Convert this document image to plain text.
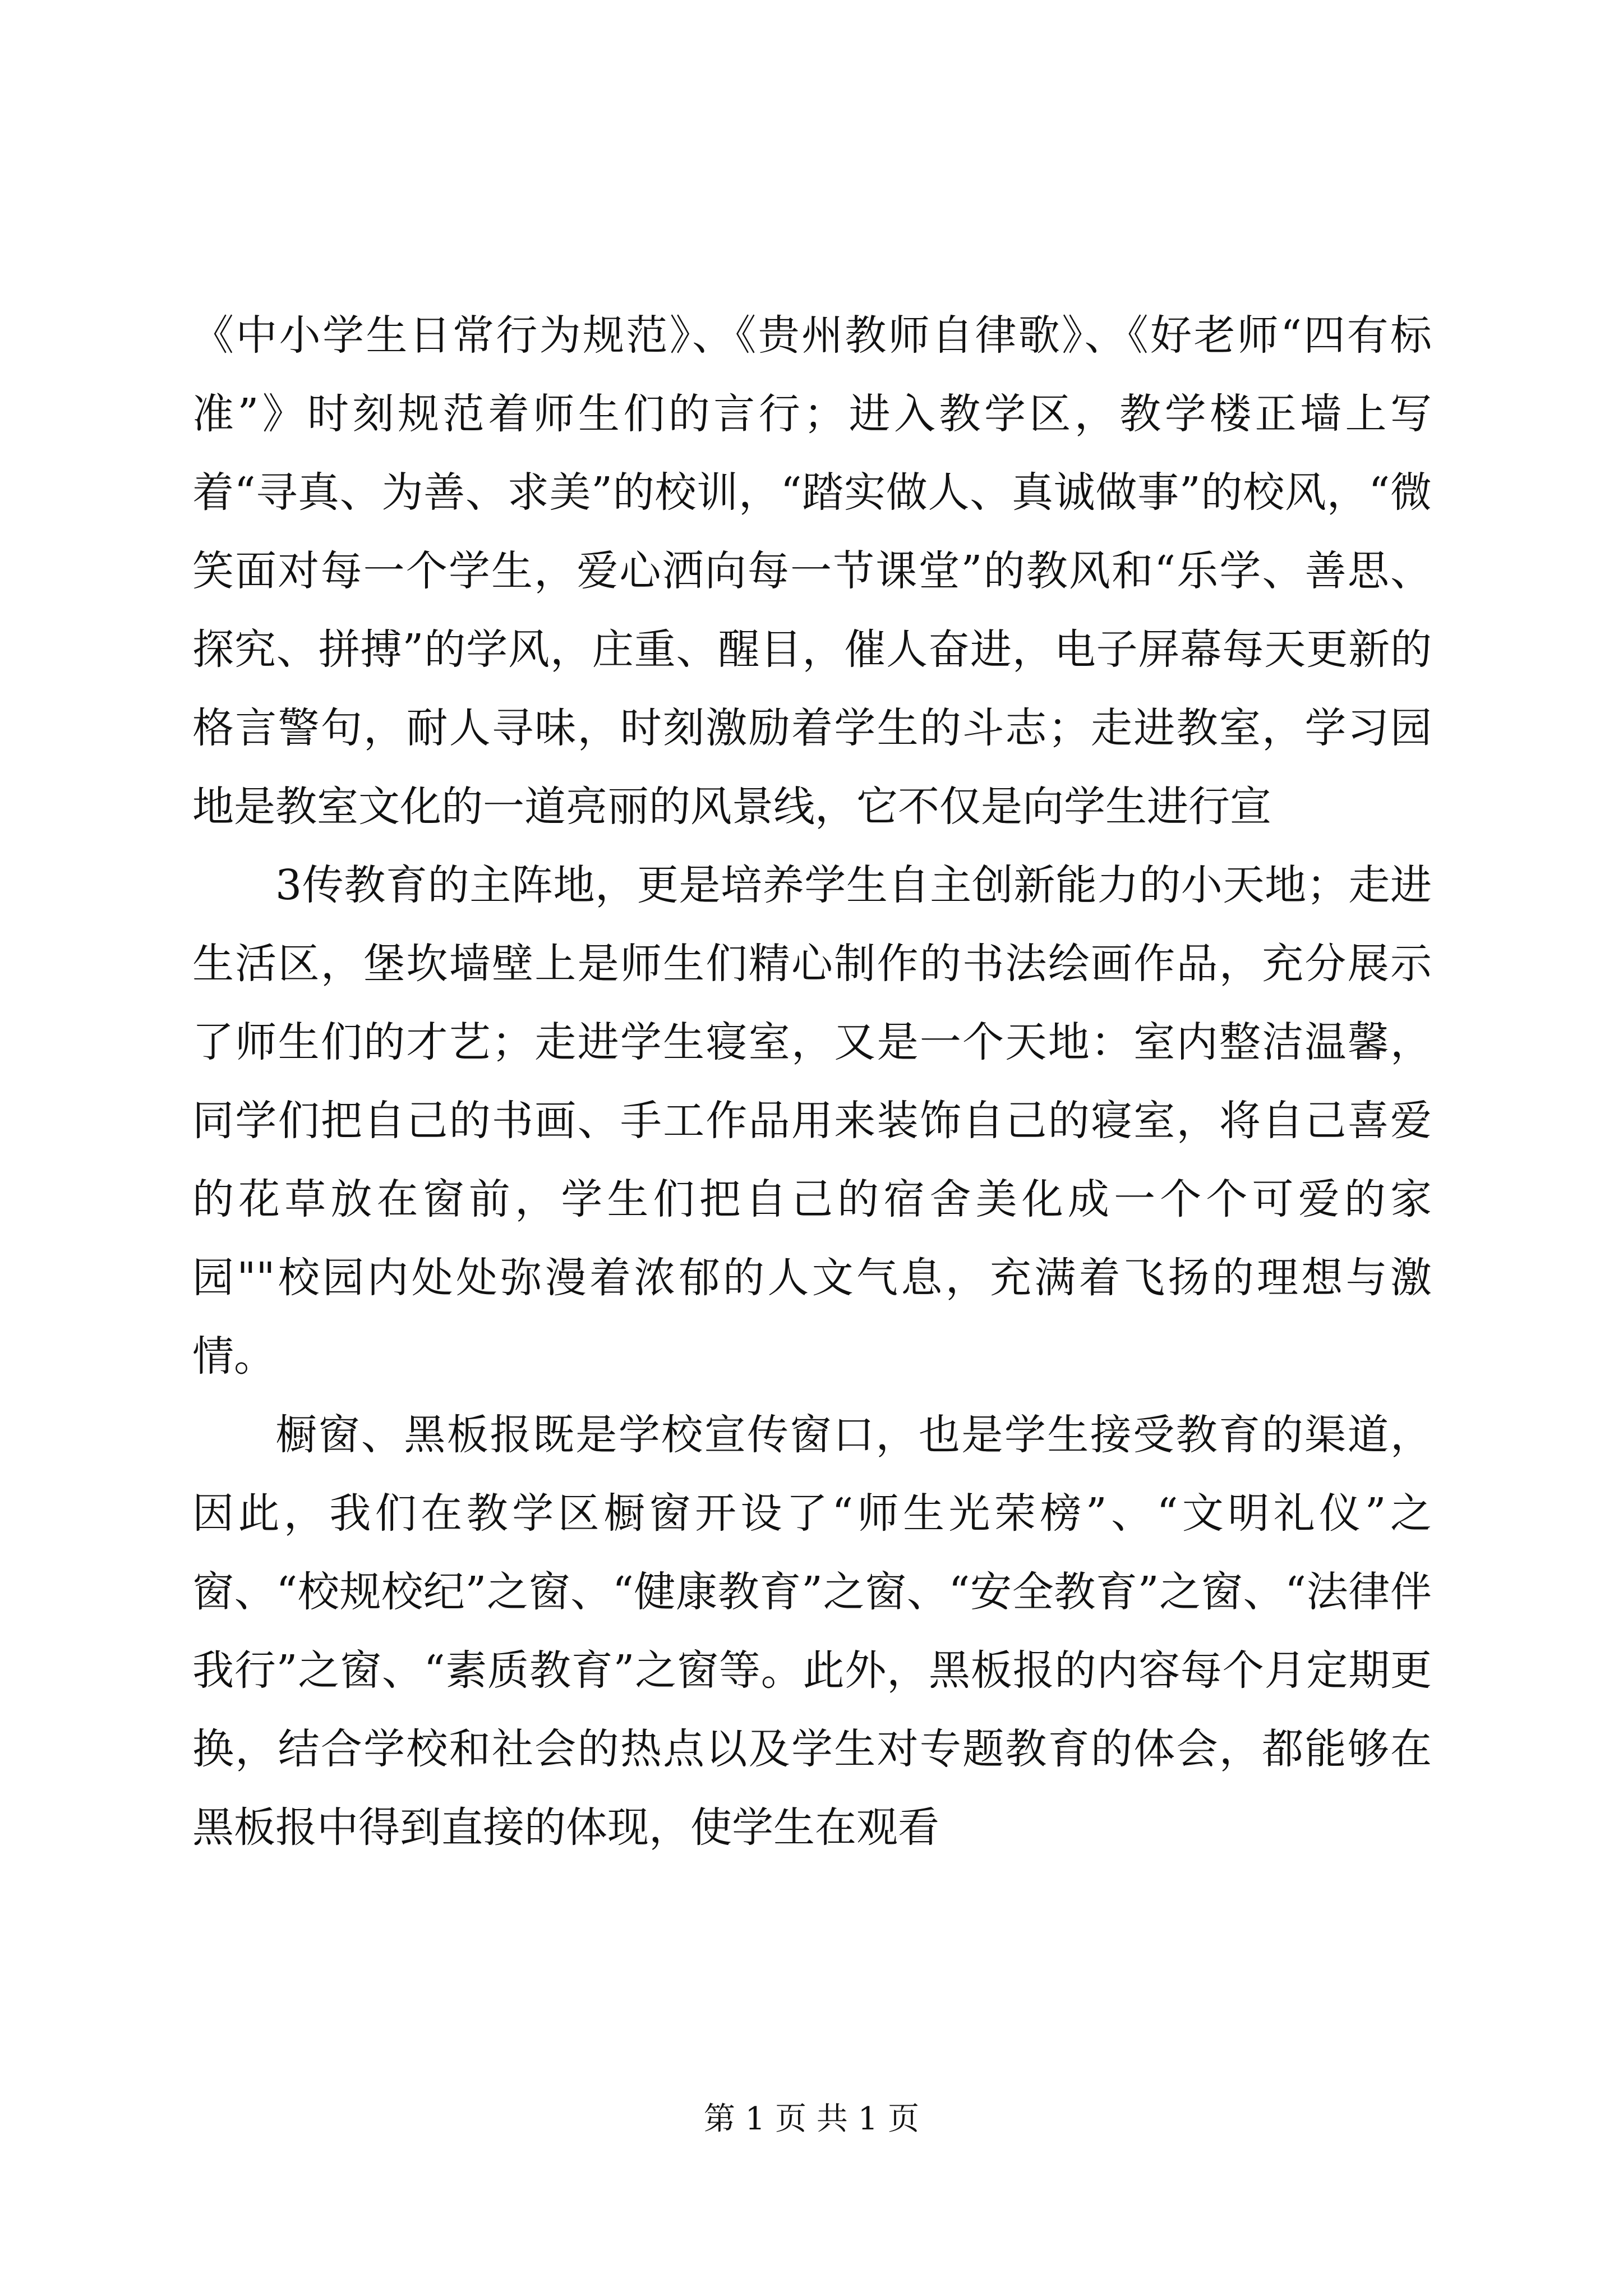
《中小学生日常行为规范》、《贵州教师自律歌》、《好老师“四有标准”》时刻规范着师生们的言行；进入教学区，教学楼正墙上写着“寻真、为善、求美”的校训，“踏实做人、真诚做事”的校风，“微笑面对每一个学生，爱心洒向每一节课堂”的教风和“乐学、善思、探究、拼搏”的学风，庄重、醒目，催人奋进，电子屏幕每天更新的格言警句，耐人寻味，时刻激励着学生的斗志；走进教室，学习园地是教室文化的一道亮丽的风景线，它不仅是向学生进行宣

3传教育的主阵地，更是培养学生自主创新能力的小天地；走进生活区，堡坎墙壁上是师生们精心制作的书法绘画作品，充分展示了师生们的才艺；走进学生寝室，又是一个天地：室内整洁温馨，同学们把自己的书画、手工作品用来装饰自己的寝室，将自己喜爱的花草放在窗前，学生们把自己的宿舍美化成一个个可爱的家园""校园内处处弥漫着浓郁的人文气息，充满着飞扬的理想与激情。

橱窗、黑板报既是学校宣传窗口，也是学生接受教育的渠道，因此，我们在教学区橱窗开设了“师生光荣榜”、“文明礼仪”之窗、“校规校纪”之窗、“健康教育”之窗、“安全教育”之窗、“法律伴我行”之窗、“素质教育”之窗等。此外，黑板报的内容每个月定期更换，结合学校和社会的热点以及学生对专题教育的体会，都能够在黑板报中得到直接的体现，使学生在观看

第 1 页 共 1 页
